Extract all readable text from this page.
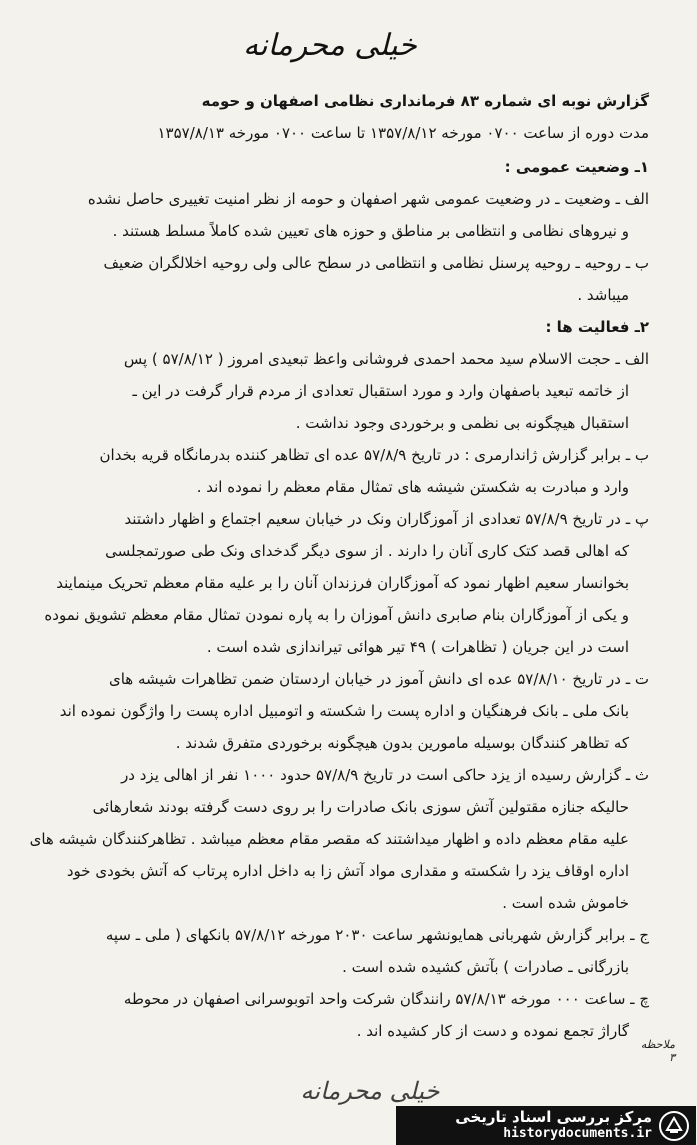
خیلی محرمانه
گزارش نوبه ای شماره ۸۳ فرمانداری نظامی اصفهان و حومه
مدت دوره از ساعت ۰۷۰۰ مورخه ۱۳۵۷/۸/۱۲ تا ساعت ۰۷۰۰ مورخه ۱۳۵۷/۸/۱۳
۱ـ وضعیت عمومی :
الف ـ وضعیت ـ در وضعیت عمومی شهر اصفهان و حومه از نظر امنیت تغییری حاصل نشده
و نیروهای نظامی و انتظامی بر مناطق و حوزه های تعیین شده کاملاً مسلط هستند .
ب ـ روحیه ـ روحیه پرسنل نظامی و انتظامی در سطح عالی ولی روحیه اخلالگران ضعیف
میباشد .
۲ـ فعالیت ها :
الف ـ حجت الاسلام سید محمد احمدی فروشانی واعظ تبعیدی امروز ( ۵۷/۸/۱۲ ) پس
از خاتمه تبعید باصفهان وارد و مورد استقبال تعدادی از مردم قرار گرفت در این ـ
استقبال هیچگونه بی نظمی و برخوردی وجود نداشت .
ب ـ برابر گزارش ژاندارمری : در تاریخ ۵۷/۸/۹ عده ای تظاهر کننده بدرمانگاه قریه بخدان
وارد و مبادرت به شکستن شیشه های تمثال مقام معظم را نموده اند .
پ ـ در تاریخ ۵۷/۸/۹ تعدادی از آموزگاران ونک در خیابان سعیم اجتماع و اظهار داشتند
که اهالی قصد کتک کاری آنان را دارند . از سوی دیگر گدخدای ونک طی صورتمجلسی
بخوانسار سعیم اظهار نمود که آموزگاران فرزندان آنان را بر علیه مقام معظم تحریک مینمایند
و یکی از آموزگاران بنام صابری دانش آموزان را به پاره نمودن تمثال مقام معظم تشویق نموده
است در این جریان ( تظاهرات ) ۴۹ تیر هوائی تیراندازی شده است .
ت ـ در تاریخ ۵۷/۸/۱۰ عده ای دانش آموز در خیابان اردستان ضمن تظاهرات شیشه های
بانک ملی ـ بانک فرهنگیان و اداره پست را شکسته و اتومبیل اداره پست را واژگون نموده اند
که تظاهر کنندگان بوسیله مامورین بدون هیچگونه برخوردی متفرق شدند .
ث ـ گزارش رسیده از یزد حاکی است در تاریخ ۵۷/۸/۹ حدود ۱۰۰۰ نفر از اهالی یزد در
حالیکه جنازه مقتولین آتش سوزی بانک صادرات را بر روی دست گرفته بودند شعارهائی
علیه مقام معظم داده و اظهار میداشتند که مقصر مقام معظم میباشد . تظاهرکنندگان شیشه های
اداره اوقاف یزد را شکسته و مقداری مواد آتش زا به داخل اداره پرتاب که آتش بخودی خود
خاموش شده است .
ج ـ برابر گزارش شهربانی همایونشهر ساعت ۲۰۳۰ مورخه ۵۷/۸/۱۲ بانکهای ( ملی ـ سپه
بازرگانی ـ صادرات ) بآتش کشیده شده است .
چ ـ ساعت ۰۰۰ مورخه ۵۷/۸/۱۳ رانندگان شرکت واحد اتوبوسرانی اصفهان در محوطه
گاراژ تجمع نموده و دست از کار کشیده اند .
ملاحظه
۳
خیلی محرمانه
مرکز بررسی اسناد تاریخی
historydocuments.ir
